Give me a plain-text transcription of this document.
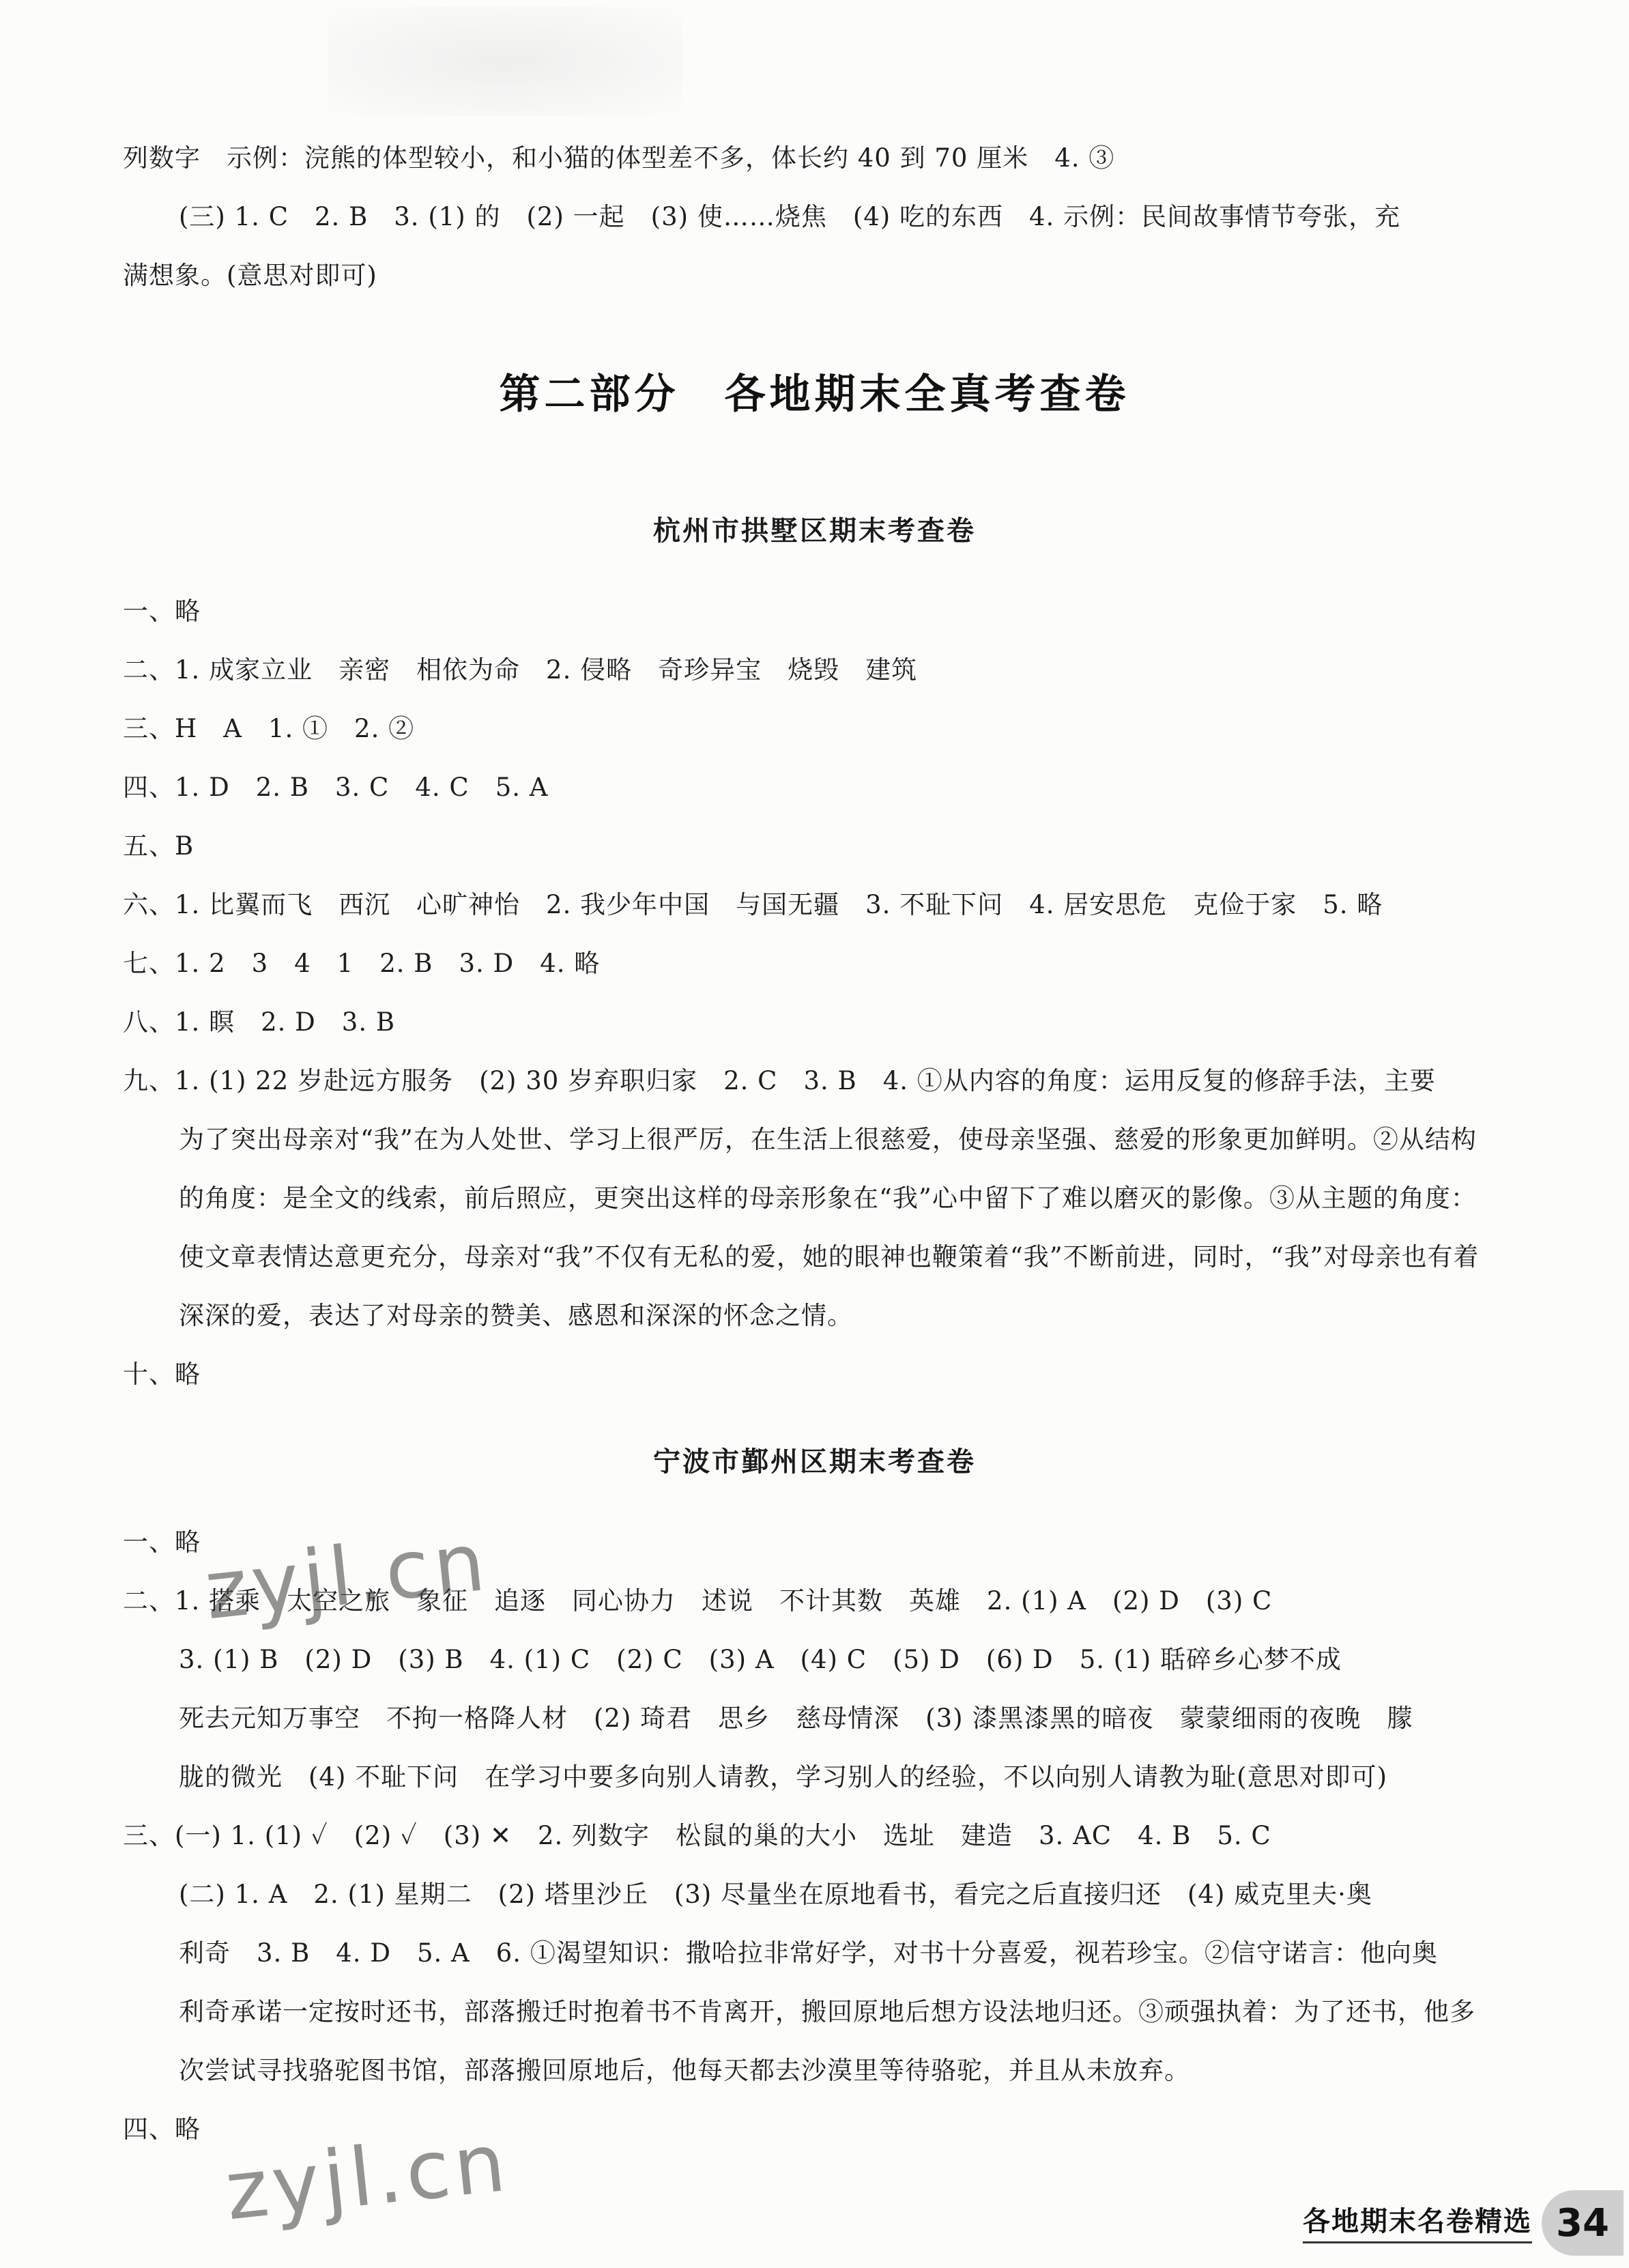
列数字　示例：浣熊的体型较小，和小猫的体型差不多，体长约 40 到 70 厘米　4. ③
(三) 1. C　2. B　3. (1) 的　(2) 一起　(3) 使……烧焦　(4) 吃的东西　4. 示例：民间故事情节夸张，充
满想象。(意思对即可)
第二部分　各地期末全真考查卷
杭州市拱墅区期末考查卷
一、略
二、1. 成家立业　亲密　相依为命　2. 侵略　奇珍异宝　烧毁　建筑
三、H　A　1. ①　2. ②
四、1. D　2. B　3. C　4. C　5. A
五、B
六、1. 比翼而飞　西沉　心旷神怡　2. 我少年中国　与国无疆　3. 不耻下问　4. 居安思危　克俭于家　5. 略
七、1. 2　3　4　1　2. B　3. D　4. 略
八、1. 瞑　2. D　3. B
九、1. (1) 22 岁赴远方服务　(2) 30 岁弃职归家　2. C　3. B　4. ①从内容的角度：运用反复的修辞手法，主要
为了突出母亲对“我”在为人处世、学习上很严厉，在生活上很慈爱，使母亲坚强、慈爱的形象更加鲜明。②从结构
的角度：是全文的线索，前后照应，更突出这样的母亲形象在“我”心中留下了难以磨灭的影像。③从主题的角度：
使文章表情达意更充分，母亲对“我”不仅有无私的爱，她的眼神也鞭策着“我”不断前进，同时，“我”对母亲也有着
深深的爱，表达了对母亲的赞美、感恩和深深的怀念之情。
十、略
宁波市鄞州区期末考查卷
一、略
二、1. 搭乘　太空之旅　象征　追逐　同心协力　述说　不计其数　英雄　2. (1) A　(2) D　(3) C
3. (1) B　(2) D　(3) B　4. (1) C　(2) C　(3) A　(4) C　(5) D　(6) D　5. (1) 聒碎乡心梦不成
死去元知万事空　不拘一格降人材　(2) 琦君　思乡　慈母情深　(3) 漆黑漆黑的暗夜　蒙蒙细雨的夜晚　朦
胧的微光　(4) 不耻下问　在学习中要多向别人请教，学习别人的经验，不以向别人请教为耻(意思对即可)
三、(一) 1. (1) ✓　(2) ✓　(3) ✕　2. 列数字　松鼠的巢的大小　选址　建造　3. AC　4. B　5. C
(二) 1. A　2. (1) 星期二　(2) 塔里沙丘　(3) 尽量坐在原地看书，看完之后直接归还　(4) 威克里夫·奥
利奇　3. B　4. D　5. A　6. ①渴望知识：撒哈拉非常好学，对书十分喜爱，视若珍宝。②信守诺言：他向奥
利奇承诺一定按时还书，部落搬迁时抱着书不肯离开，搬回原地后想方设法地归还。③顽强执着：为了还书，他多
次尝试寻找骆驼图书馆，部落搬回原地后，他每天都去沙漠里等待骆驼，并且从未放弃。
四、略
zyjl.cn
zyjl.cn	各地期末名卷精选 34
